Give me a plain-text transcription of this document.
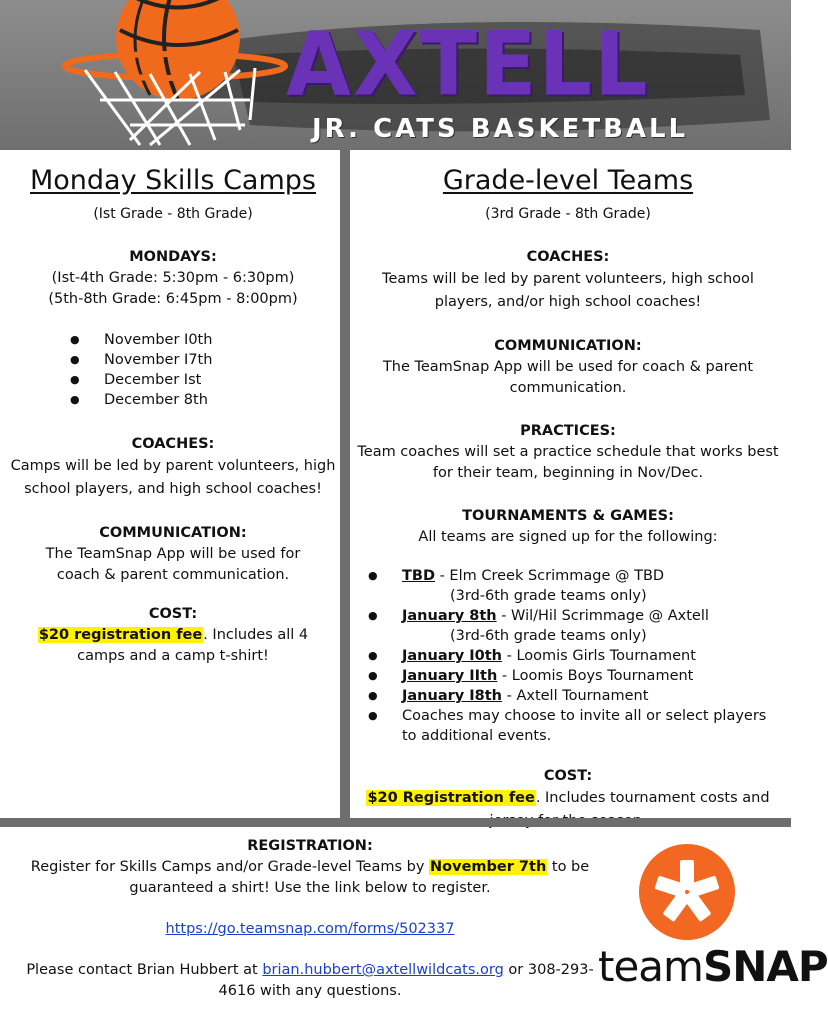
AXTELL
JR. CATS BASKETBALL
Monday Skills Camps
(Ist Grade - 8th Grade)
MONDAYS:
(Ist-4th Grade: 5:30pm - 6:30pm)
(5th-8th Grade: 6:45pm - 8:00pm)
● November I0th
● November I7th
● December Ist
● December 8th
COACHES:
Camps will be led by parent volunteers, high school players, and high school coaches!
COMMUNICATION:
The TeamSnap App will be used for coach & parent communication.
COST:
$20 registration fee. Includes all 4 camps and a camp t-shirt!
Grade-level Teams
(3rd Grade - 8th Grade)
COACHES:
Teams will be led by parent volunteers, high school players, and/or high school coaches!
COMMUNICATION:
The TeamSnap App will be used for coach & parent communication.
PRACTICES:
Team coaches will set a practice schedule that works best for their team, beginning in Nov/Dec.
TOURNAMENTS & GAMES:
All teams are signed up for the following:
● TBD - Elm Creek Scrimmage @ TBD
(3rd-6th grade teams only)
● January 8th - Wil/Hil Scrimmage @ Axtell
(3rd-6th grade teams only)
● January I0th - Loomis Girls Tournament
● January IIth - Loomis Boys Tournament
● January I8th - Axtell Tournament
● Coaches may choose to invite all or select players to additional events.
COST:
$20 Registration fee. Includes tournament costs and
REGISTRATION:
Register for Skills Camps and/or Grade-level Teams by November 7th to be guaranteed a shirt! Use the link below to register.
https://go.teamsnap.com/forms/502337
Please contact Brian Hubbert at brian.hubbert@axtellwildcats.org or 308-293-4616 with any questions.	teamSNAP
